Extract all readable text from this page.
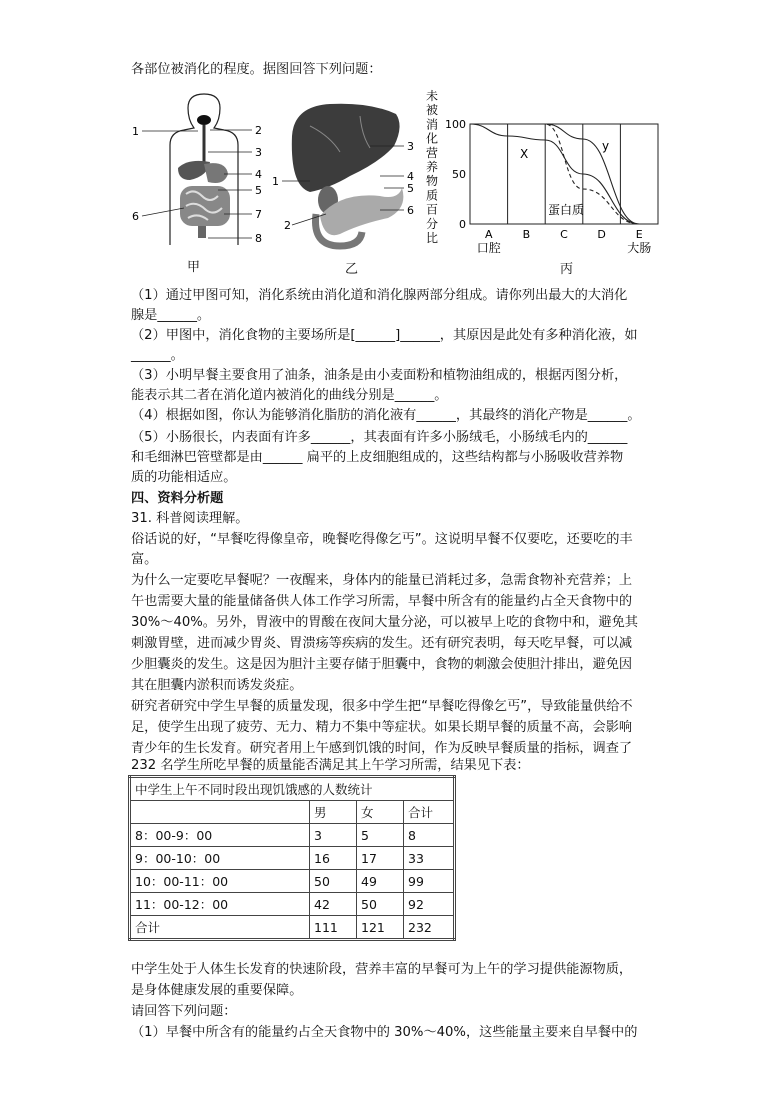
各部位被消化的程度。据图回答下列问题：
1	2
3
4
5
6	7
8
甲
1
2
3
4
5
6
乙
未
被
消
化
营
养
物
质
百
分
比
100
50
0
A	B	C	D	E
口腔	大肠
X
y
蛋白质
丙
（1）通过甲图可知，消化系统由消化道和消化腺两部分组成。请你列出最大的大消化
腺是______。
（2）甲图中，消化食物的主要场所是[______]______，其原因是此处有多种消化液，如
______。
（3）小明早餐主要食用了油条，油条是由小麦面粉和植物油组成的，根据丙图分析，
能表示其二者在消化道内被消化的曲线分别是______。
（4）根据如图，你认为能够消化脂肪的消化液有______，其最终的消化产物是______。
（5）小肠很长，内表面有许多______，其表面有许多小肠绒毛，小肠绒毛内的______
和毛细淋巴管壁都是由______ 扁平的上皮细胞组成的，这些结构都与小肠吸收营养物
质的功能相适应。
四、资料分析题
31. 科普阅读理解。
俗话说的好，“早餐吃得像皇帝，晚餐吃得像乞丐”。这说明早餐不仅要吃，还要吃的丰
富。
为什么一定要吃早餐呢？一夜醒来，身体内的能量已消耗过多，急需食物补充营养；上
午也需要大量的能量储备供人体工作学习所需，早餐中所含有的能量约占全天食物中的
30%～40%。另外，胃液中的胃酸在夜间大量分泌，可以被早上吃的食物中和，避免其
刺激胃壁，进而减少胃炎、胃溃疡等疾病的发生。还有研究表明，每天吃早餐，可以减
少胆囊炎的发生。这是因为胆汁主要存储于胆囊中，食物的刺激会使胆汁排出，避免因
其在胆囊内淤积而诱发炎症。
研究者研究中学生早餐的质量发现，很多中学生把“早餐吃得像乞丐”，导致能量供给不
足，使学生出现了疲劳、无力、精力不集中等症状。如果长期早餐的质量不高，会影响
青少年的生长发育。研究者用上午感到饥饿的时间，作为反映早餐质量的指标，调查了
232 名学生所吃早餐的质量能否满足其上午学习所需，结果见下表：
中学生上午不同时段出现饥饿感的人数统计			
	男	女	合计
8：00-9：00	3	5	8
9：00-10：00	16	17	33
10：00-11：00	50	49	99
11：00-12：00	42	50	92
合计	111	121	232
中学生处于人体生长发育的快速阶段，营养丰富的早餐可为上午的学习提供能源物质，
是身体健康发展的重要保障。
请回答下列问题：
（1）早餐中所含有的能量约占全天食物中的 30%～40%，这些能量主要来自早餐中的
